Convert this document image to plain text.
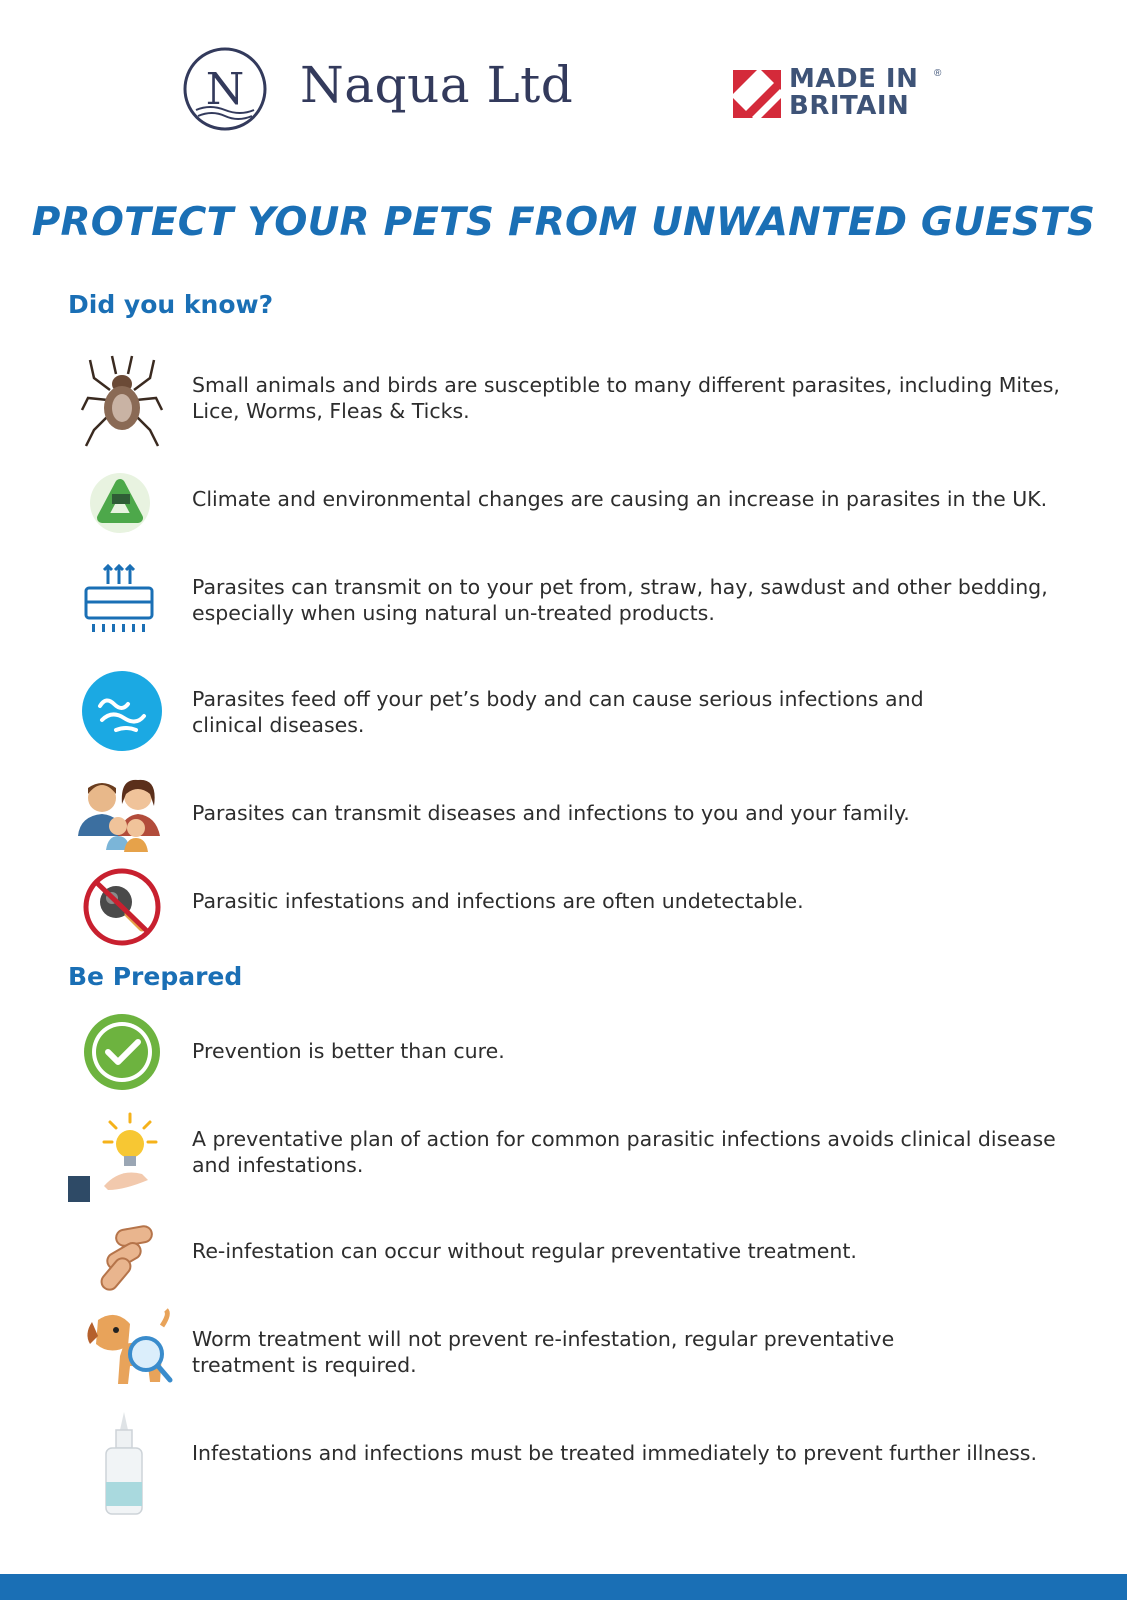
N Naqua Ltd	MADE IN
BRITAIN
®
PROTECT YOUR PETS FROM UNWANTED GUESTS
Did you know?
Small animals and birds are susceptible to many different parasites, including Mites, Lice, Worms, Fleas & Ticks.
Climate and environmental changes are causing an increase in parasites in the UK.
Parasites can transmit on to your pet from, straw, hay, sawdust and other bedding, especially when using natural un-treated products.
Parasites feed off your pet’s body and can cause serious infections and clinical diseases.
Parasites can transmit diseases and infections to you and your family.
Parasitic infestations and infections are often undetectable.
Be Prepared
Prevention is better than cure.
A preventative plan of action for common parasitic infections avoids clinical disease and infestations.
Re-infestation can occur without regular preventative treatment.
Worm treatment will not prevent re-infestation, regular preventative treatment is required.
Infestations and infections must be treated immediately to prevent further illness.
